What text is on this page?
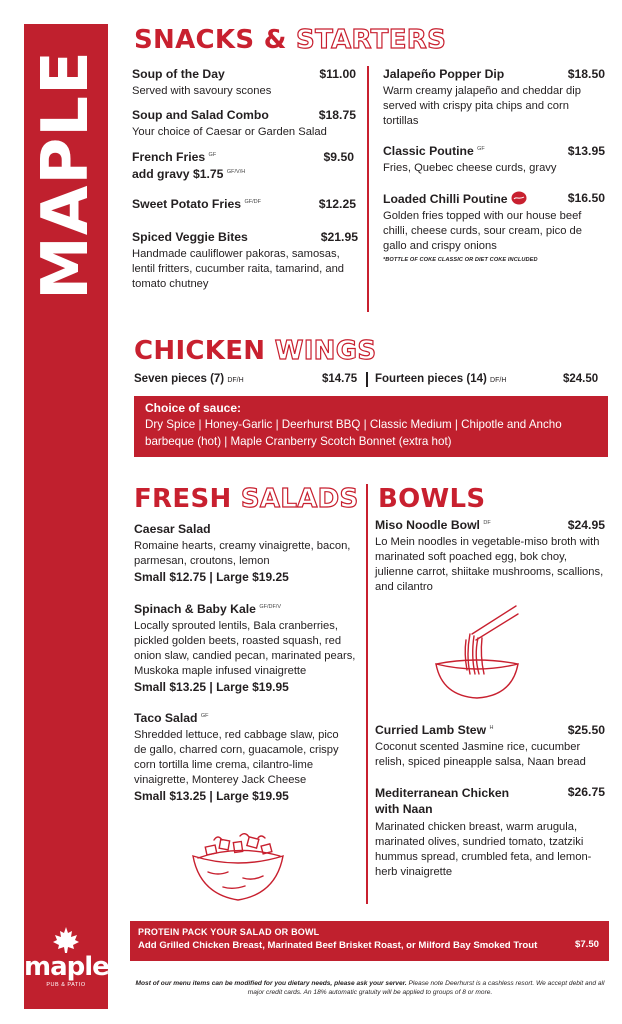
MAPLE
maple
PUB & PATIO
SNACKS & STARTERS
Soup of the Day	$11.00
Served with savoury scones
Soup and Salad Combo	$18.75
Your choice of Caesar or Garden Salad
French Fries $^{GF}$	$9.50
add gravy $1.75 $^{GF/V/H}$
Sweet Potato Fries $^{GF/DF}$	$12.25
Spiced Veggie Bites	$21.95
Handmade cauliflower pakoras, samosas, lentil fritters, cucumber raita, tamarind, and tomato chutney
Jalapeño Popper Dip	$18.50
Warm creamy jalapeño and cheddar dip served with crispy pita chips and corn tortillas
Classic Poutine $^{GF}$	$13.95
Fries, Quebec cheese curds, gravy
Loaded Chilli Poutine	$16.50
Golden fries topped with our house beef chilli, cheese curds, sour cream, pico de gallo and crispy onions
*BOTTLE OF COKE CLASSIC OR DIET COKE INCLUDED
CHICKEN WINGS
Seven pieces (7) DF/H	$14.75 Fourteen pieces (14) DF/H	$24.50
Choice of sauce:
Dry Spice | Honey-Garlic | Deerhurst BBQ | Classic Medium | Chipotle and Ancho barbeque (hot) | Maple Cranberry Scotch Bonnet (extra hot)
FRESH SALADS
Caesar Salad
Romaine hearts, creamy vinaigrette, bacon, parmesan, croutons, lemon
Small $12.75 | Large $19.25
Spinach & Baby Kale $^{GF/DF/V}$
Locally sprouted lentils, Bala cranberries, pickled golden beets, roasted squash, red onion slaw, candied pecan, marinated pears, Muskoka maple infused vinaigrette
Small $13.25 | Large $19.95
Taco Salad $^{GF}$
Shredded lettuce, red cabbage slaw, pico de gallo, charred corn, guacamole, crispy corn tortilla lime crema, cilantro-lime vinaigrette, Monterey Jack Cheese
Small $13.25 | Large $19.95
BOWLS
Miso Noodle Bowl $^{DF}$	$24.95
Lo Mein noodles in vegetable-miso broth with marinated soft poached egg, bok choy, julienne carrot, shiitake mushrooms, scallions, and cilantro
Curried Lamb Stew $^H$	$25.50
Coconut scented Jasmine rice, cucumber relish, spiced pineapple salsa, Naan bread
Mediterranean Chicken with Naan
$26.75
Marinated chicken breast, warm arugula, marinated olives, sundried tomato, tzatziki hummus spread, crumbled feta, and lemon-herb vinaigrette
PROTEIN PACK YOUR SALAD OR BOWL
Add Grilled Chicken Breast, Marinated Beef Brisket Roast, or Milford Bay Smoked Trout	$7.50
Most of our menu items can be modified for you dietary needs, please ask your server. Please note Deerhurst is a cashless resort. We accept debit and all major credit cards. An 18% automatic gratuity will be applied to groups of 8 or more.
